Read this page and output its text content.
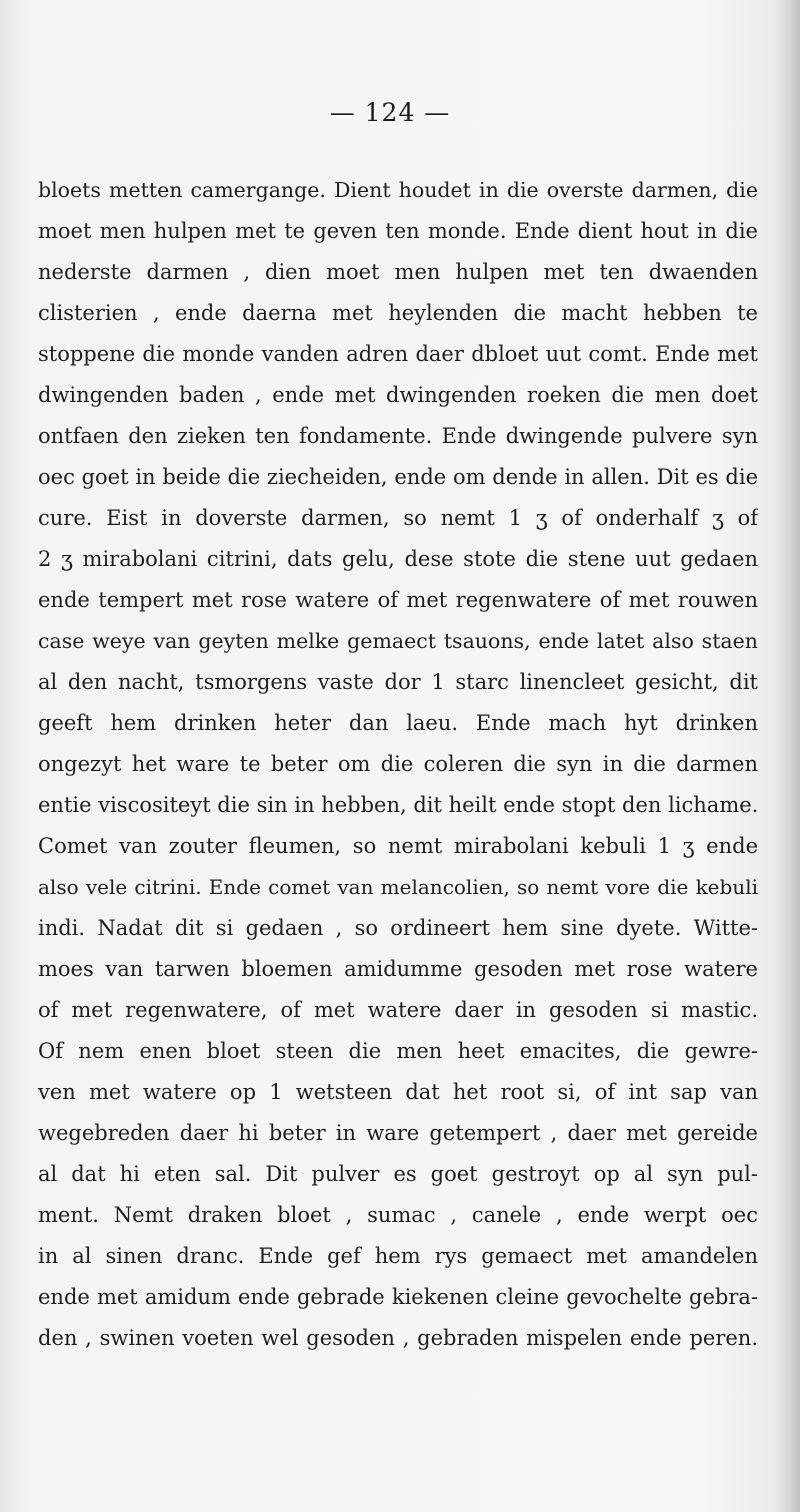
— 124 —
bloets metten camergange. Dient houdet in die overste darmen, die
moet men hulpen met te geven ten monde. Ende dient hout in die
nederste darmen , dien moet men hulpen met ten dwaenden
clisterien , ende daerna met heylenden die macht hebben te
stoppene die monde vanden adren daer dbloet uut comt. Ende met
dwingenden baden , ende met dwingenden roeken die men doet
ontfaen den zieken ten fondamente. Ende dwingende pulvere syn
oec goet in beide die ziecheiden, ende om dende in allen. Dit es die
cure. Eist in doverste darmen, so nemt 1 ʒ of onderhalf ʒ of
2 ʒ mirabolani citrini, dats gelu, dese stote die stene uut gedaen
ende tempert met rose watere of met regenwatere of met rouwen
case weye van geyten melke gemaect tsauons, ende latet also staen
al den nacht, tsmorgens vaste dor 1 starc linencleet gesicht, dit
geeft hem drinken heter dan laeu. Ende mach hyt drinken
ongezyt het ware te beter om die coleren die syn in die darmen
entie viscositeyt die sin in hebben, dit heilt ende stopt den lichame.
Comet van zouter fleumen, so nemt mirabolani kebuli 1 ʒ ende
also vele citrini. Ende comet van melancolien, so nemt vore die kebuli
indi. Nadat dit si gedaen , so ordineert hem sine dyete. Witte-
moes van tarwen bloemen amidumme gesoden met rose watere
of met regenwatere, of met watere daer in gesoden si mastic.
Of nem enen bloet steen die men heet emacites, die gewre-
ven met watere op 1 wetsteen dat het root si, of int sap van
wegebreden daer hi beter in ware getempert , daer met gereide
al dat hi eten sal. Dit pulver es goet gestroyt op al syn pul-
ment. Nemt draken bloet , sumac , canele , ende werpt oec
in al sinen dranc. Ende gef hem rys gemaect met amandelen
ende met amidum ende gebrade kiekenen cleine gevochelte gebra-
den , swinen voeten wel gesoden , gebraden mispelen ende peren.
